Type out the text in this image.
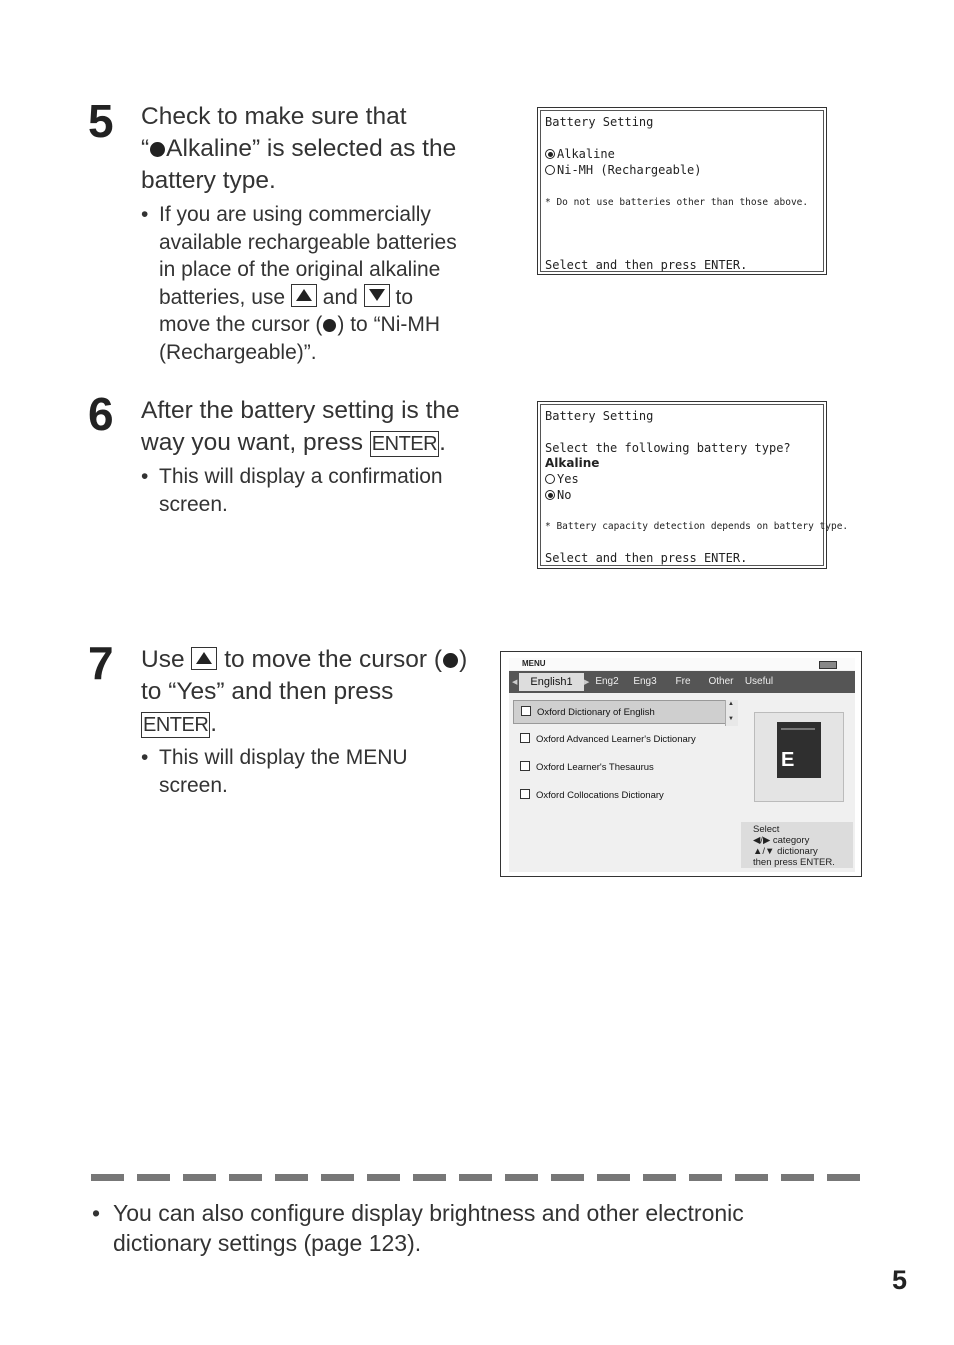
5 Check to make sure that
“ Alkaline” is selected as the
battery type.
• If you are using commercially
available rechargeable batteries
in place of the original alkaline
batteries, use and to
move the cursor ( ) to “Ni-MH
(Rechargeable)”.
Battery Setting
Alkaline
Ni-MH (Rechargeable)
* Do not use batteries other than those above.
Select and then press ENTER.
6 After the battery setting is the
way you want, press ENTER.
• This will display a confirmation
screen.
Battery Setting
Select the following battery type?
Alkaline
Yes
No
* Battery capacity detection depends on battery type.
Select and then press ENTER.
7 Use to move the cursor ( )
to “Yes” and then press
ENTER.
• This will display the MENU
screen.
MENU
◀	English1	▶ Eng2	Eng3	Fre	Other	Useful
Oxford Dictionary of English
Oxford Advanced Learner's Dictionary
Oxford Learner's Thesaurus
Oxford Collocations Dictionary
▲
▼
E
Select
◀/▶ category
▲/▼ dictionary
then press ENTER.
• You can also configure display brightness and other electronic
dictionary settings (page 123).
5
